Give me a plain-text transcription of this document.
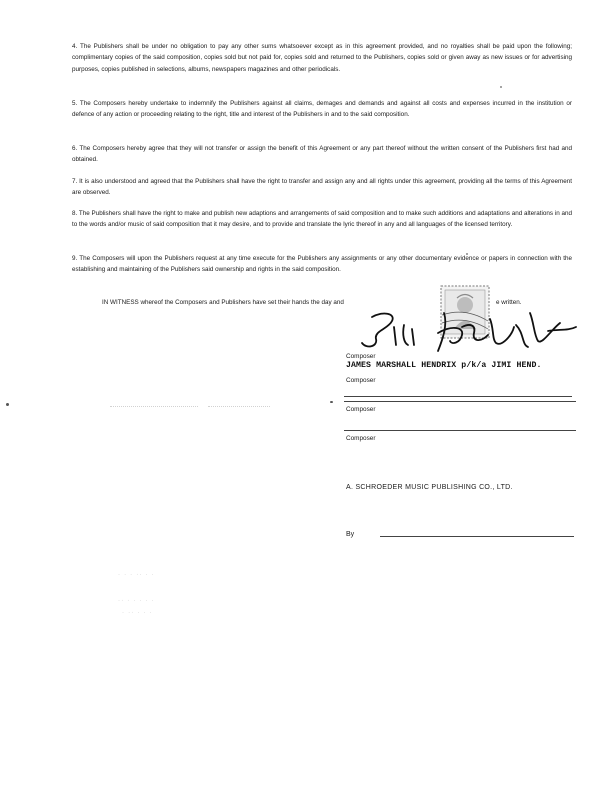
4. The Publishers shall be under no obligation to pay any other sums whatsoever except as in this agreement provided, and no royalties shall be paid upon the following; complimentary copies of the said composition, copies sold but not paid for, copies sold and returned to the Publishers, copies sold or given away as new issues or for advertising purposes, copies published in selections, albums, newspapers magazines and other periodicals.

5. The Composers hereby undertake to indemnify the Publishers against all claims, demages and demands and against all costs and expenses incurred in the institution or defence of any action or proceeding relating to the right, title and interest of the Publishers in and to the said composition.

6. The Composers hereby agree that they will not transfer or assign the benefit of this Agreement or any part thereof without the written consent of the Publishers first had and obtained.

7. It is also understood and agreed that the Publishers shall have the right to transfer and assign any and all rights under this agreement, providing all the terms of this Agreement are observed.

8. The Publishers shall have the right to make and publish new adaptions and arrangements of said composition and to make such additions and adaptations and alterations in and to the words and/or music of said composition that it may desire, and to provide and translate the lyric thereof in any and all languages of the licensed territory.

9. The Composers will upon the Publishers request at any time execute for the Publishers any assignments or any other documentary evidence or papers in connection with the establishing and maintaining of the Publishers said ownership and rights in the said composition.

IN WITNESS whereof the Composers and Publishers have set their hands the day and	e written.
Composer
JAMES MARSHALL HENDRIX p/k/a JIMI HEND.
Composer
Composer
Composer
A. SCHROEDER MUSIC PUBLISHING CO., LTD.
By
· · · ·· · ·
·· · · · · ·
· ·· · · ·
